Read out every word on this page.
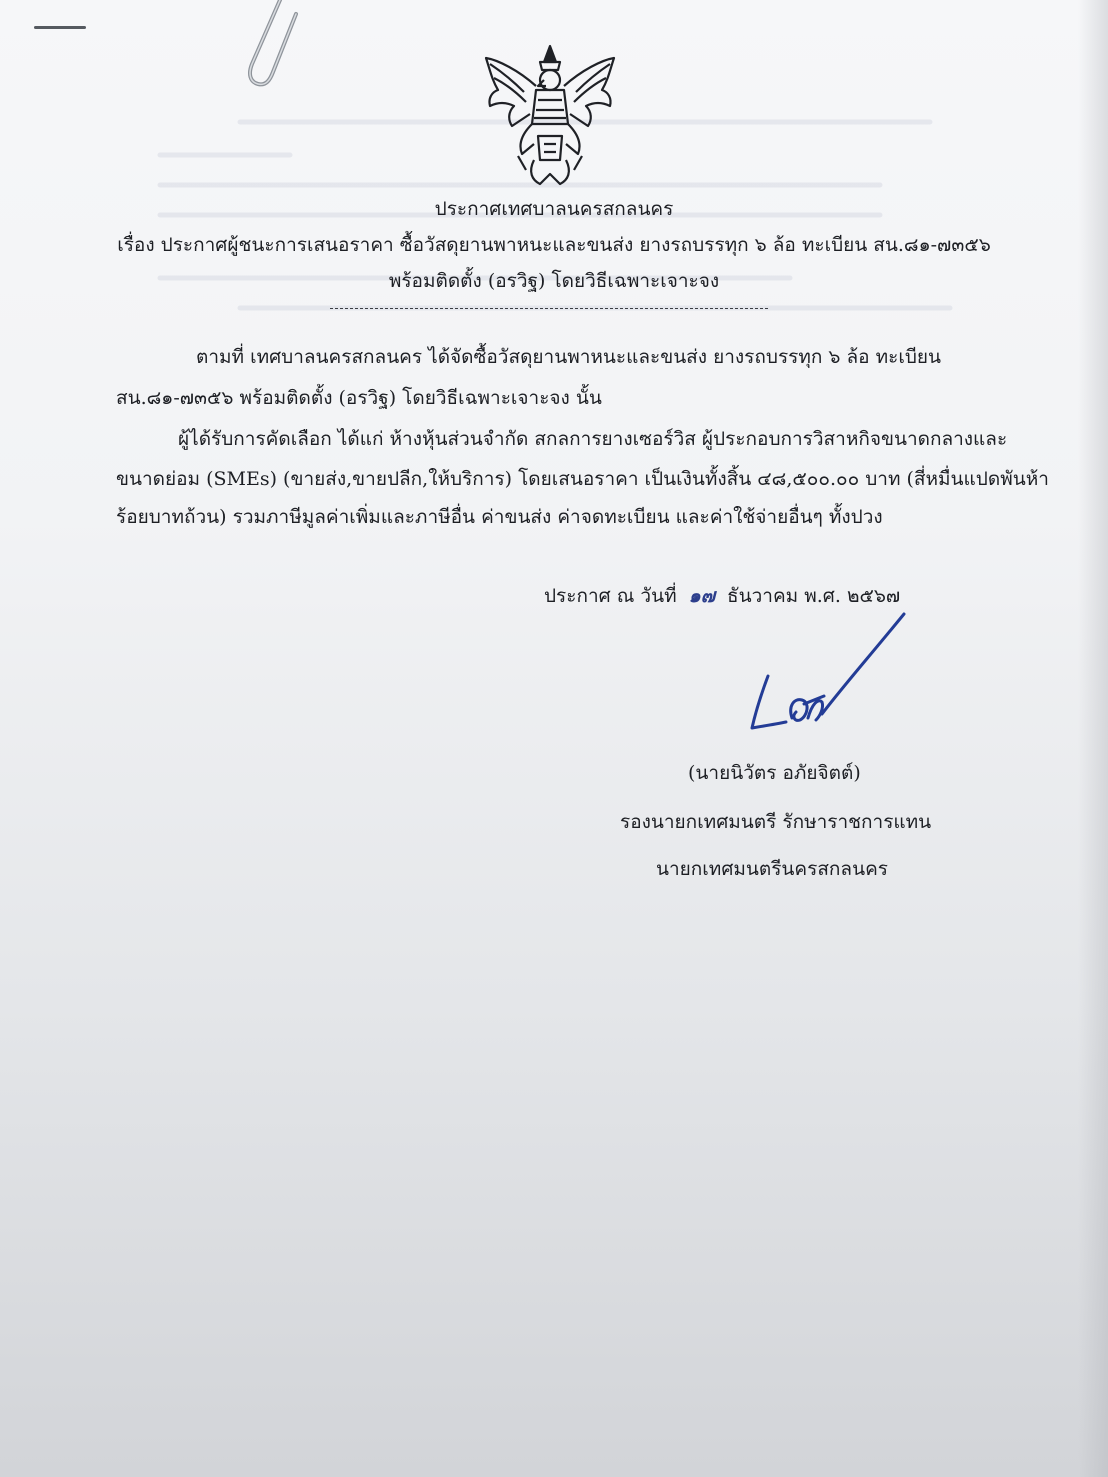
ประกาศเทศบาลนครสกลนคร

เรื่อง ประกาศผู้ชนะการเสนอราคา ซื้อวัสดุยานพาหนะและขนส่ง ยางรถบรรทุก ๖ ล้อ ทะเบียน สน.๘๑-๗๓๕๖

พร้อมติดตั้ง (อรวิฐ) โดยวิธีเฉพาะเจาะจง

ตามที่ เทศบาลนครสกลนคร ได้จัดซื้อวัสดุยานพาหนะและขนส่ง ยางรถบรรทุก ๖ ล้อ ทะเบียน

สน.๘๑-๗๓๕๖ พร้อมติดตั้ง (อรวิฐ) โดยวิธีเฉพาะเจาะจง นั้น

ผู้ได้รับการคัดเลือก ได้แก่ ห้างหุ้นส่วนจำกัด สกลการยางเซอร์วิส ผู้ประกอบการวิสาหกิจขนาดกลางและ

ขนาดย่อม (SMEs) (ขายส่ง,ขายปลีก,ให้บริการ) โดยเสนอราคา เป็นเงินทั้งสิ้น ๔๘,๕๐๐.๐๐ บาท (สี่หมื่นแปดพันห้า

ร้อยบาทถ้วน) รวมภาษีมูลค่าเพิ่มและภาษีอื่น ค่าขนส่ง ค่าจดทะเบียน และค่าใช้จ่ายอื่นๆ ทั้งปวง

ประกาศ ณ วันที่ ๑๗ ธันวาคม พ.ศ. ๒๕๖๗

(นายนิวัตร อภัยจิตต์)

รองนายกเทศมนตรี รักษาราชการแทน

นายกเทศมนตรีนครสกลนคร
